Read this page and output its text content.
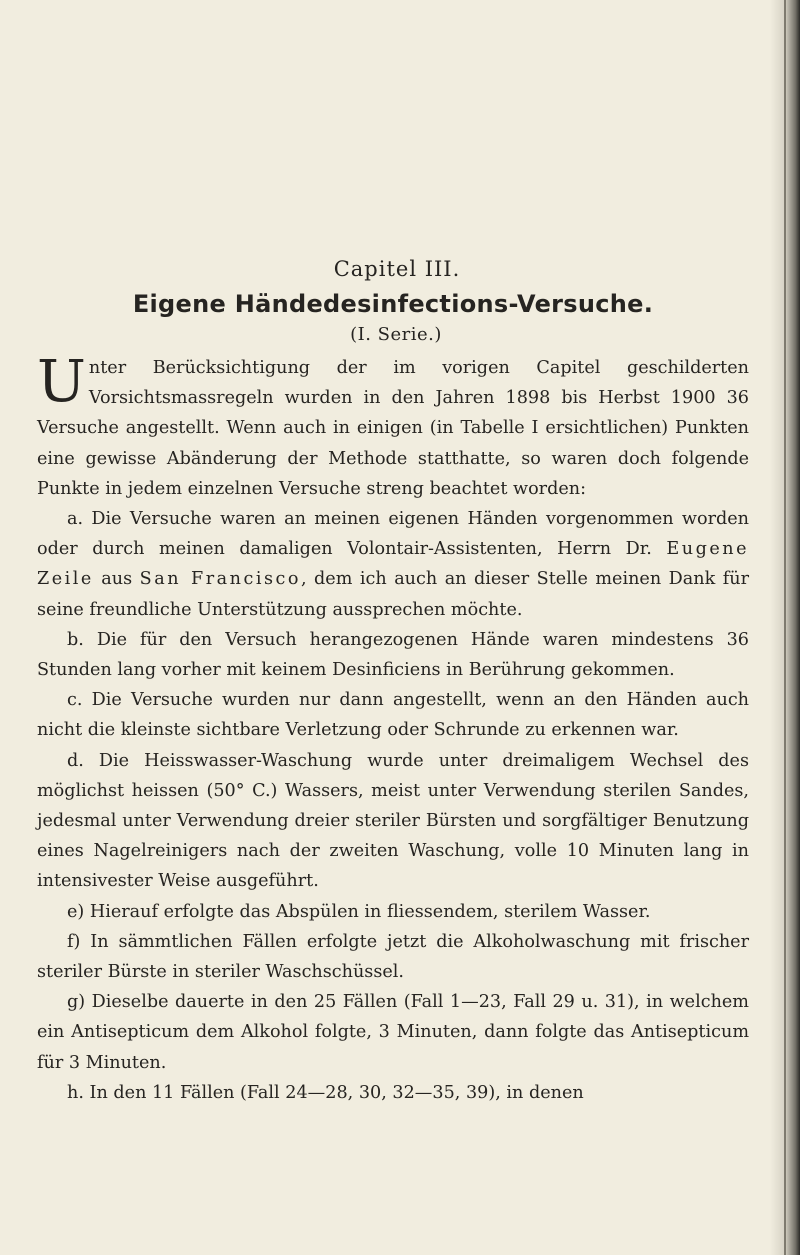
Capitel III.
Eigene Händedesinfections-Versuche.
(I. Serie.)

Unter Berücksichtigung der im vorigen Capitel geschilderten Vorsichtsmassregeln wurden in den Jahren 1898 bis Herbst 1900 36 Versuche angestellt. Wenn auch in einigen (in Tabelle I ersichtlichen) Punkten eine gewisse Abänderung der Methode statthatte, so waren doch folgende Punkte in jedem einzelnen Versuche streng beachtet worden:

a. Die Versuche waren an meinen eigenen Händen vorgenommen worden oder durch meinen damaligen Volontair-Assistenten, Herrn Dr. Eugene Zeile aus San Francisco, dem ich auch an dieser Stelle meinen Dank für seine freundliche Unterstützung aussprechen möchte.

b. Die für den Versuch herangezogenen Hände waren mindestens 36 Stunden lang vorher mit keinem Desinficiens in Berührung gekommen.

c. Die Versuche wurden nur dann angestellt, wenn an den Händen auch nicht die kleinste sichtbare Verletzung oder Schrunde zu erkennen war.

d. Die Heisswasser-Waschung wurde unter dreimaligem Wechsel des möglichst heissen (50° C.) Wassers, meist unter Verwendung sterilen Sandes, jedesmal unter Verwendung dreier steriler Bürsten und sorgfältiger Benutzung eines Nagelreinigers nach der zweiten Waschung, volle 10 Minuten lang in intensivester Weise ausgeführt.

e) Hierauf erfolgte das Abspülen in fliessendem, sterilem Wasser.

f) In sämmtlichen Fällen erfolgte jetzt die Alkoholwaschung mit frischer steriler Bürste in steriler Waschschüssel.

g) Dieselbe dauerte in den 25 Fällen (Fall 1—23, Fall 29 u. 31), in welchem ein Antisepticum dem Alkohol folgte, 3 Minuten, dann folgte das Antisepticum für 3 Minuten.

h. In den 11 Fällen (Fall 24—28, 30, 32—35, 39), in denen
